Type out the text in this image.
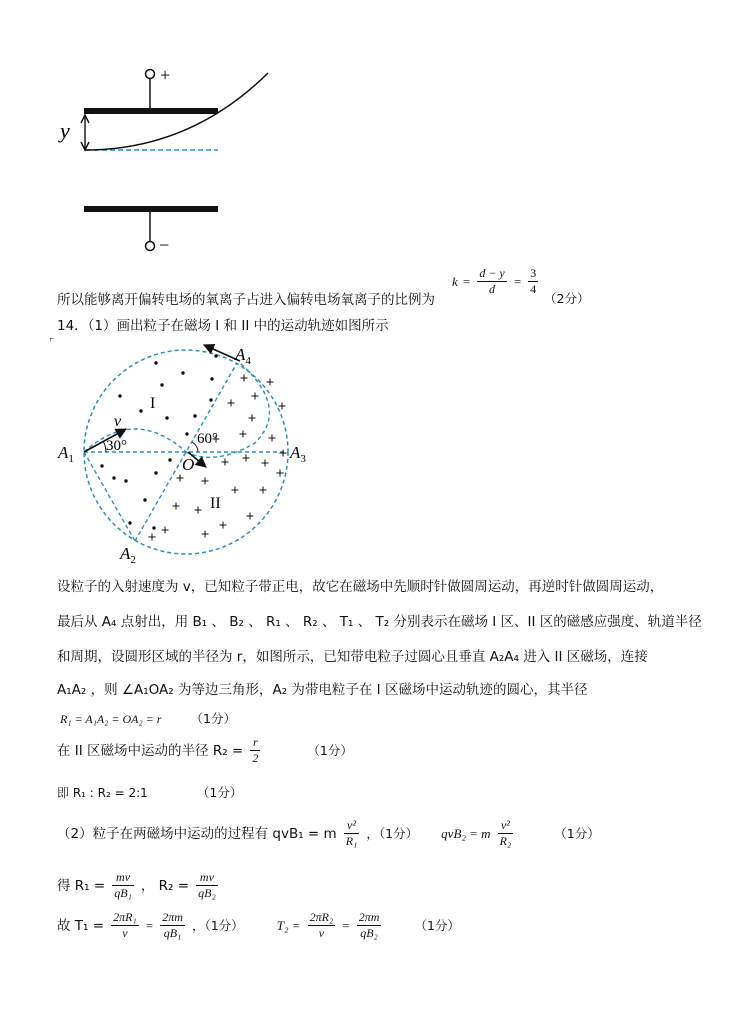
+
y
−
所以能够离开偏转电场的氧离子占进入偏转电场氧离子的比例为
$k = \frac{d - y}{d} = \frac{3}{4}$
（2分）
14．（1）画出粒子在磁场 I 和 II 中的运动轨迹如图所示
$A_1$
$A_2$
$A_3$
$A_4$
O
v
30°	60°
I
II
设粒子的入射速度为 v，已知粒子带正电，故它在磁场中先顺时针做圆周运动，再逆时针做圆周运动，
最后从 A₄ 点射出，用 B₁ 、 B₂ 、 R₁ 、 R₂ 、 T₁ 、 T₂ 分别表示在磁场 I 区、II 区的磁感应强度、轨道半径
和周期，设圆形区域的半径为 r，如图所示，已知带电粒子过圆心且垂直 A₂A₄ 进入 II 区磁场，连接
A₁A₂ ，则 ∠A₁OA₂ 为等边三角形，A₂ 为带电粒子在 I 区磁场中运动轨迹的圆心，其半径
R₁ = A₁A₂ = OA₂ = r （1分）
在 II 区磁场中运动的半径 $R_2 = \frac{r}{2}$	（1分）
即 R₁ : R₂ = 2:1	（1分）
（2）粒子在两磁场中运动的过程有 qvB₁ = m $\frac{\text{v²}}{\text{R₁}}$ ，（1分） qvB₂ = m $\frac{\text{v²}}{\text{R₂}}$	（1分）
得 $R_1 = \frac{mv}{\text{qB₁}}$ ， $R_2 = \frac{mv}{\text{qB₂}}$
故 $T_1 = \frac{\text{2πR₁}}{v} = \frac{2\pi m}{\text{qB₁}}$ ，（1分）	$T_2 = \frac{\text{2πR₂}}{v} = \frac{2\pi m}{\text{qB₂}}$	（1分）
